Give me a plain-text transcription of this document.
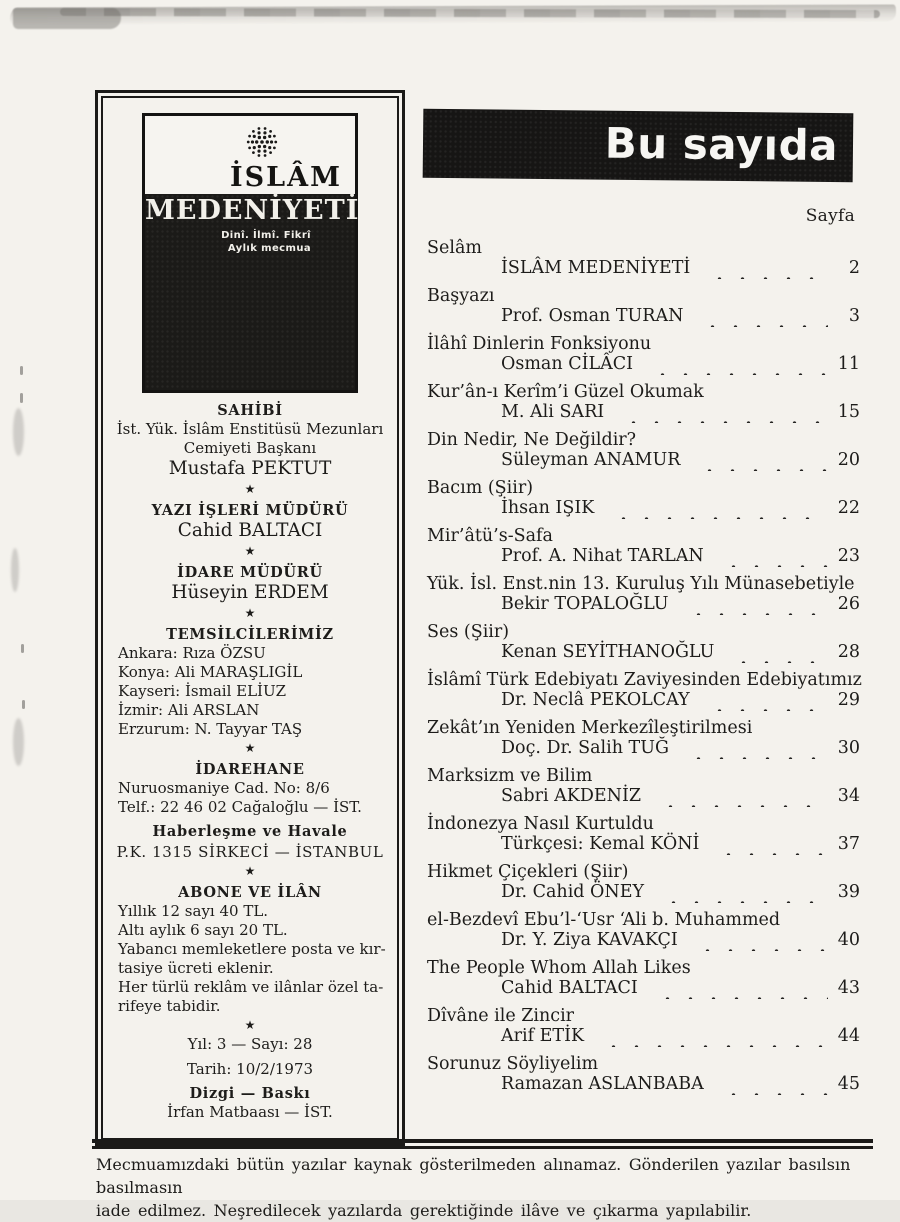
İSLÂM
MEDENİYETİ
Dinî. İlmî. Fikrî
Aylık mecmua
SAHİBİ
İst. Yük. İslâm Enstitüsü Mezunları
Cemiyeti Başkanı
Mustafa PEKTUT
★
YAZI İŞLERİ MÜDÜRÜ
Cahid BALTACI
★
İDARE MÜDÜRÜ
Hüseyin ERDEM
★
TEMSİLCİLERİMİZ
Ankara: Rıza ÖZSU
Konya: Ali MARAŞLIGİL
Kayseri: İsmail ELİUZ
İzmir: Ali ARSLAN
Erzurum: N. Tayyar TAŞ
★
İDAREHANE
Nuruosmaniye Cad. No: 8/6
Telf.: 22 46 02 Cağaloğlu — İST.
Haberleşme ve Havale
P.K. 1315 SİRKECİ — İSTANBUL
★
ABONE VE İLÂN
Yıllık 12 sayı 40 TL.
Altı aylık 6 sayı 20 TL.
Yabancı memleketlere posta ve kır-
tasiye ücreti eklenir.
Her türlü reklâm ve ilânlar özel ta-
rifeye tabidir.
★
Yıl: 3 — Sayı: 28
Tarih: 10/2/1973
Dizgi — Baskı
İrfan Matbaası — İST.
Bu sayıda
Sayfa
Selâm
İSLÂM MEDENİYETİ	2
Başyazı
Prof. Osman TURAN	3
İlâhî Dinlerin Fonksiyonu
Osman CİLÂCI	11
Kur’ân-ı Kerîm’i Güzel Okumak
M. Ali SARI	15
Din Nedir, Ne Değildir?
Süleyman ANAMUR	20
Bacım (Şiir)
İhsan IŞIK	22
Mir’âtü’s-Safa
Prof. A. Nihat TARLAN	23
Yük. İsl. Enst.nin 13. Kuruluş Yılı Münasebetiyle
Bekir TOPALOĞLU	26
Ses (Şiir)
Kenan SEYİTHANOĞLU	28
İslâmî Türk Edebiyatı Zaviyesinden Edebiyatımız
Dr. Neclâ PEKOLCAY	29
Zekât’ın Yeniden Merkezîleştirilmesi
Doç. Dr. Salih TUĞ	30
Marksizm ve Bilim
Sabri AKDENİZ	34
İndonezya Nasıl Kurtuldu
Türkçesi: Kemal KÖNİ	37
Hikmet Çiçekleri (Şiir)
Dr. Cahid ÖNEY	39
el-Bezdevî Ebu’l-‘Usr ‘Ali b. Muhammed
Dr. Y. Ziya KAVAKÇI	40
The People Whom Allah Likes
Cahid BALTACI	43
Dîvâne ile Zincir
Arif ETİK	44
Sorunuz Söyliyelim
Ramazan ASLANBABA	45
Mecmuamızdaki bütün yazılar kaynak gösterilmeden alınamaz. Gönderilen yazılar basılsın basılmasın
iade edilmez. Neşredilecek yazılarda gerektiğinde ilâve ve çıkarma yapılabilir.
